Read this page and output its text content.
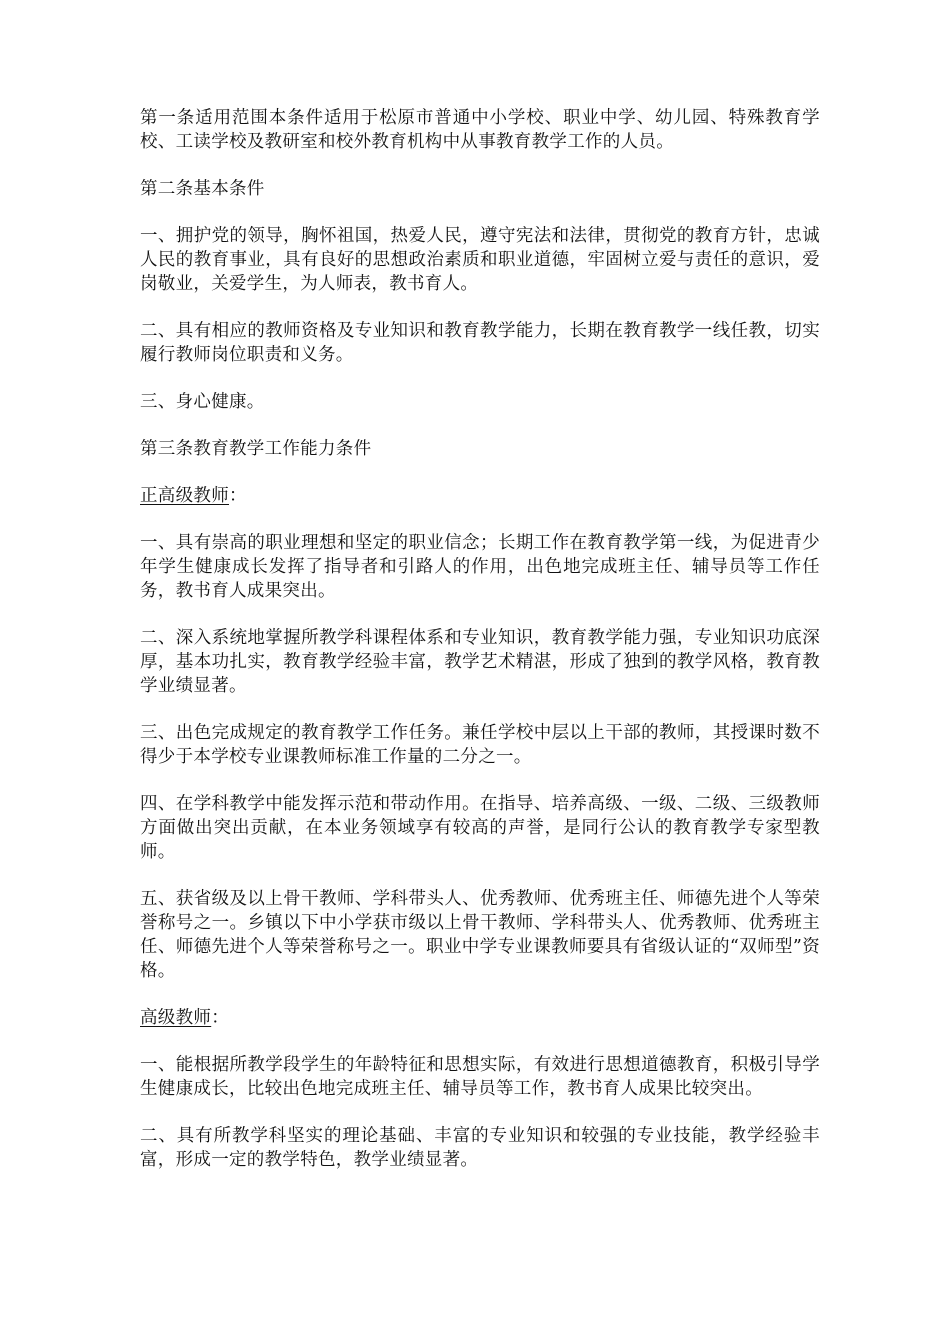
第一条适用范围本条件适用于松原市普通中小学校、职业中学、幼儿园、特殊教育学校、工读学校及教研室和校外教育机构中从事教育教学工作的人员。

第二条基本条件

一、拥护党的领导，胸怀祖国，热爱人民，遵守宪法和法律，贯彻党的教育方针，忠诚人民的教育事业，具有良好的思想政治素质和职业道德，牢固树立爱与责任的意识，爱岗敬业，关爱学生，为人师表，教书育人。

二、具有相应的教师资格及专业知识和教育教学能力，长期在教育教学一线任教，切实履行教师岗位职责和义务。

三、身心健康。

第三条教育教学工作能力条件

正高级教师：

一、具有崇高的职业理想和坚定的职业信念；长期工作在教育教学第一线，为促进青少年学生健康成长发挥了指导者和引路人的作用，出色地完成班主任、辅导员等工作任务，教书育人成果突出。

二、深入系统地掌握所教学科课程体系和专业知识，教育教学能力强，专业知识功底深厚，基本功扎实，教育教学经验丰富，教学艺术精湛，形成了独到的教学风格，教育教学业绩显著。

三、出色完成规定的教育教学工作任务。兼任学校中层以上干部的教师，其授课时数不得少于本学校专业课教师标准工作量的二分之一。

四、在学科教学中能发挥示范和带动作用。在指导、培养高级、一级、二级、三级教师方面做出突出贡献，在本业务领域享有较高的声誉，是同行公认的教育教学专家型教师。

五、获省级及以上骨干教师、学科带头人、优秀教师、优秀班主任、师德先进个人等荣誉称号之一。乡镇以下中小学获市级以上骨干教师、学科带头人、优秀教师、优秀班主任、师德先进个人等荣誉称号之一。职业中学专业课教师要具有省级认证的“双师型”资格。

高级教师：

一、能根据所教学段学生的年龄特征和思想实际，有效进行思想道德教育，积极引导学生健康成长，比较出色地完成班主任、辅导员等工作，教书育人成果比较突出。

二、具有所教学科坚实的理论基础、丰富的专业知识和较强的专业技能，教学经验丰富，形成一定的教学特色，教学业绩显著。
